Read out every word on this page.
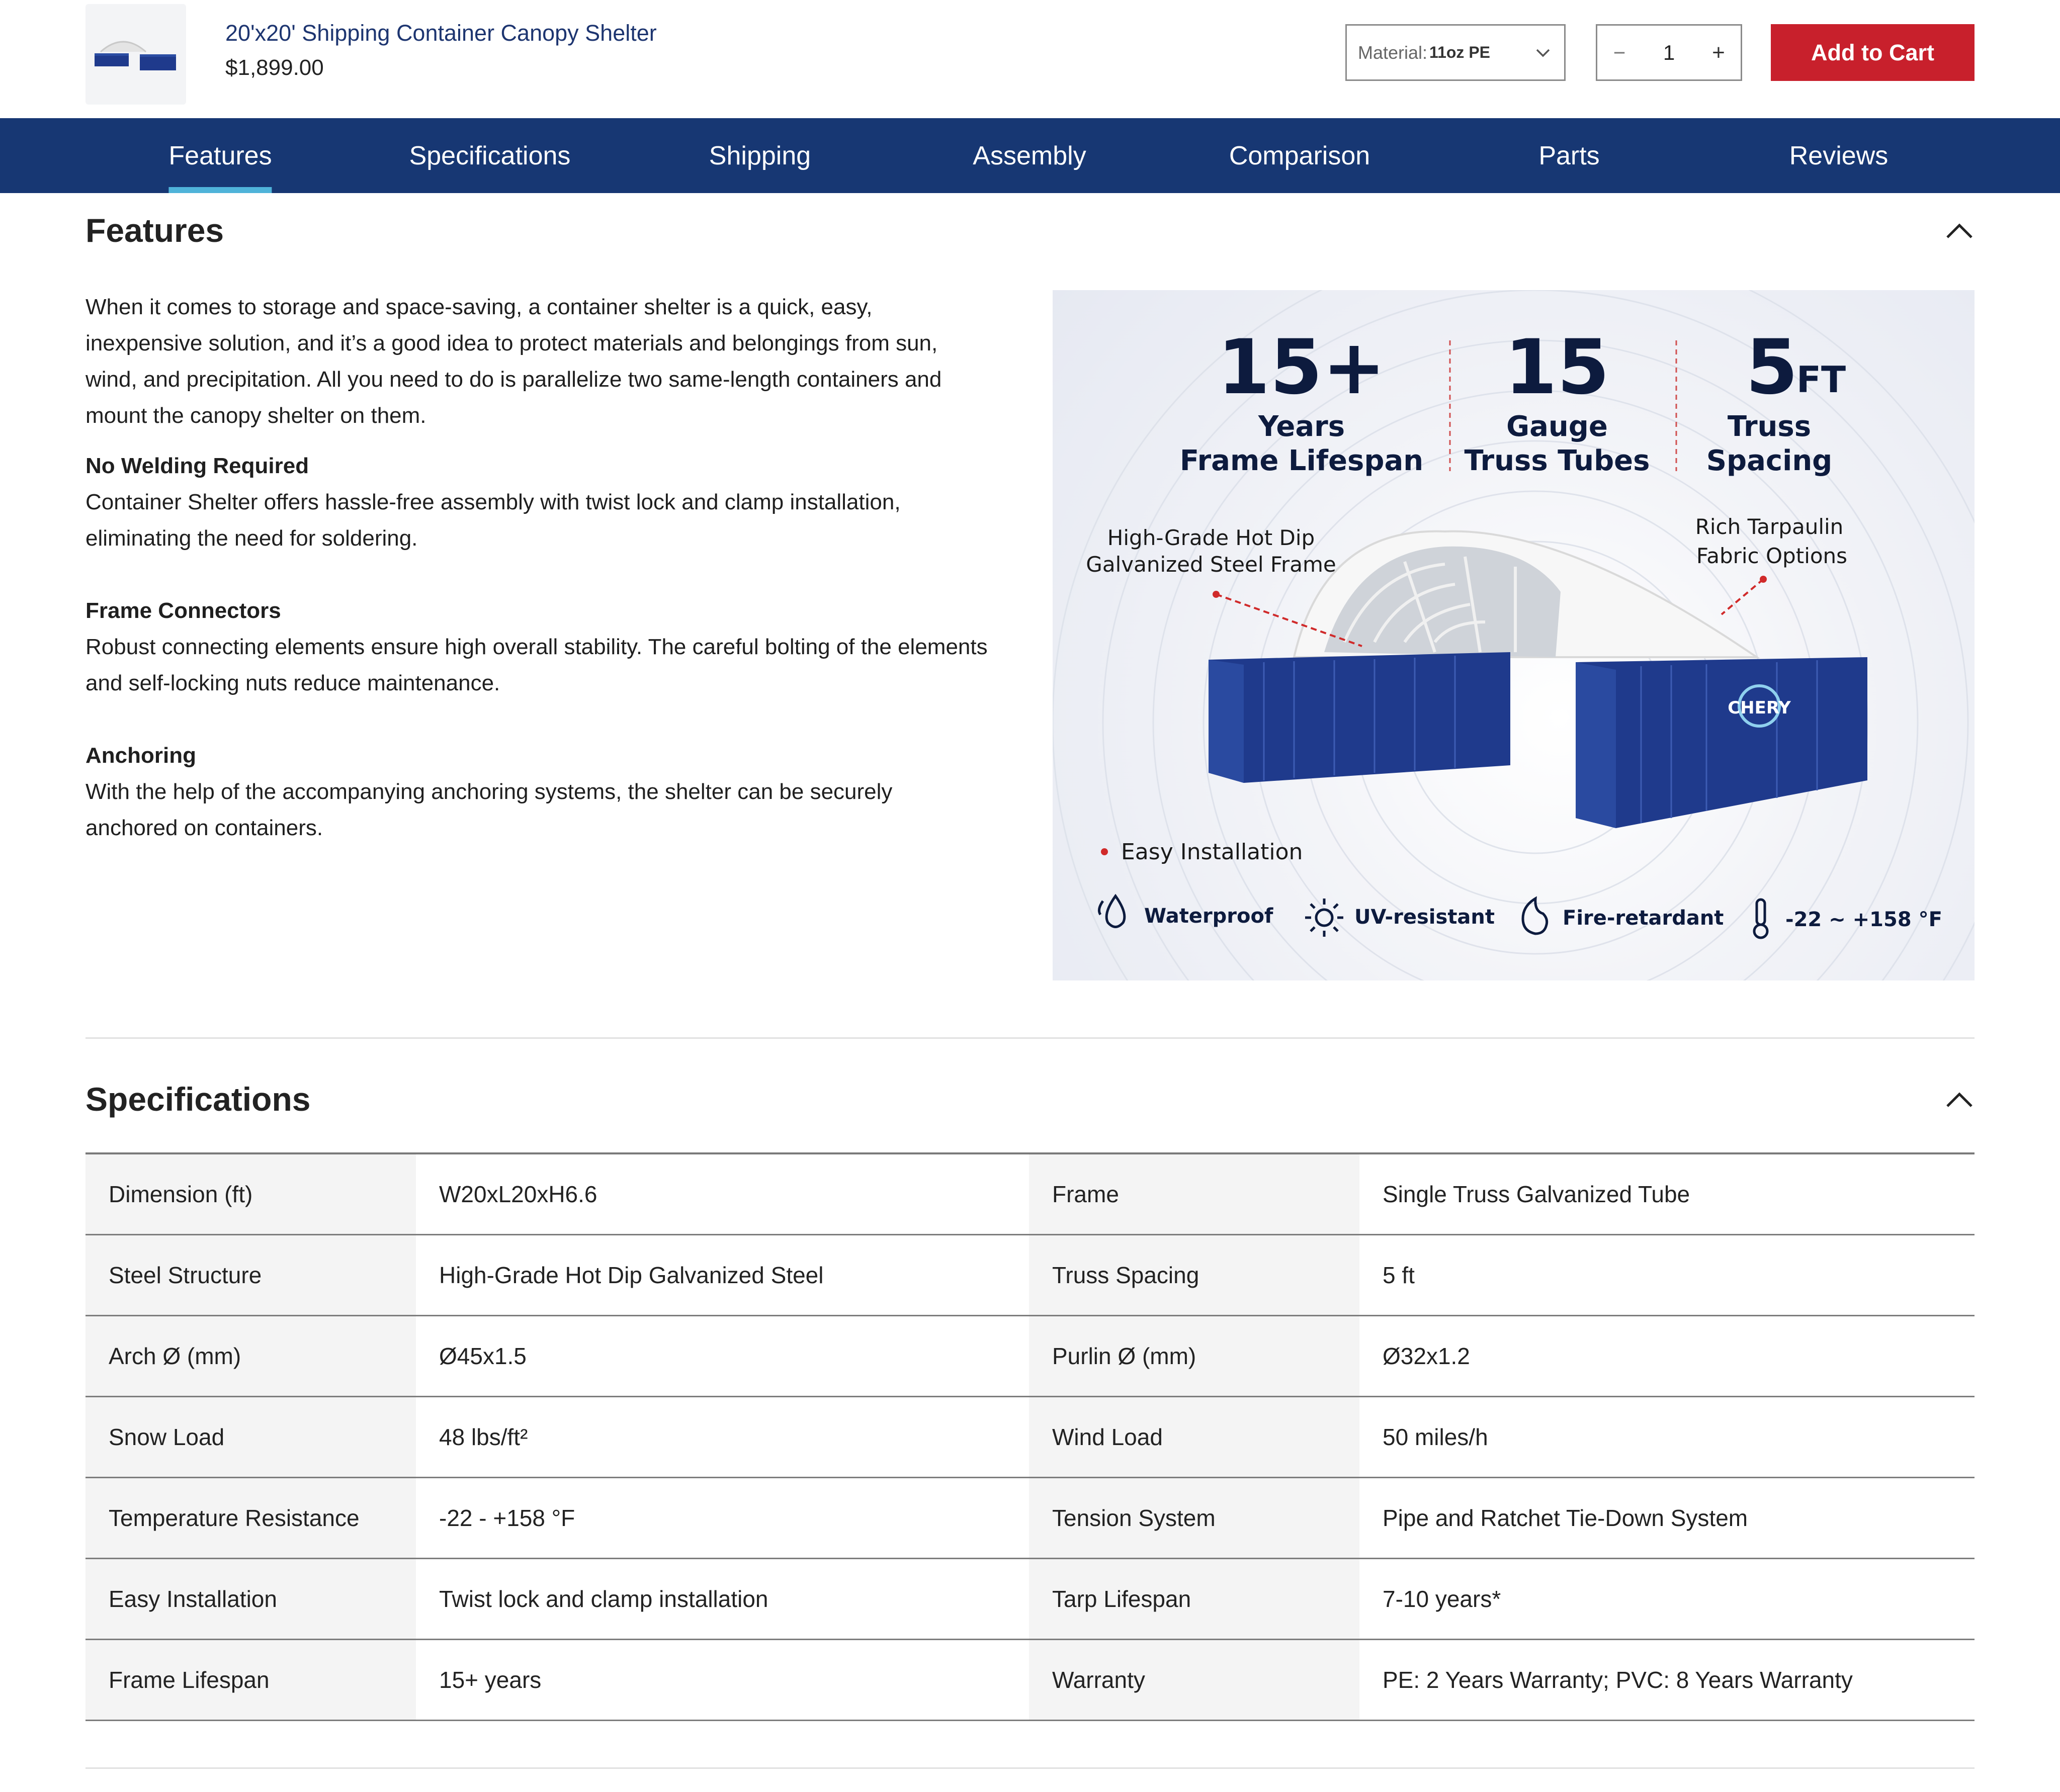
20'x20' Shipping Container Canopy Shelter
$1,899.00
Material: 11oz PE	−	1	+	Add to Cart
Features	Specifications	Shipping	Assembly	Comparison	Parts	Reviews
Features

When it comes to storage and space-saving, a container shelter is a quick, easy, inexpensive solution, and it’s a good idea to protect materials and belongings from sun, wind, and precipitation. All you need to do is parallelize two same-length containers and mount the canopy shelter on them.

No Welding Required

Container Shelter offers hassle-free assembly with twist lock and clamp installation, eliminating the need for soldering.

Frame Connectors

Robust connecting elements ensure high overall stability. The careful bolting of the elements and self-locking nuts reduce maintenance.

Anchoring

With the help of the accompanying anchoring systems, the shelter can be securely anchored on containers.

15+
Years
Frame Lifespan
15
Gauge
Truss Tubes
5
FT
Truss
Spacing
High-Grade Hot Dip
Galvanized Steel Frame
Rich Tarpaulin
Fabric Options
CHERY
Easy Installation
Waterproof	UV-resistant	Fire-retardant	-22 ~ +158 °F
Specifications
Dimension (ft)	W20xL20xH6.6	Frame	Single Truss Galvanized Tube
Steel Structure	High-Grade Hot Dip Galvanized Steel	Truss Spacing	5 ft
Arch Ø (mm)	Ø45x1.5	Purlin Ø (mm)	Ø32x1.2
Snow Load	48 lbs/ft²	Wind Load	50 miles/h
Temperature Resistance	-22 - +158 °F	Tension System	Pipe and Ratchet Tie-Down System
Easy Installation	Twist lock and clamp installation	Tarp Lifespan	7-10 years*
Frame Lifespan	15+ years	Warranty	PE: 2 Years Warranty; PVC: 8 Years Warranty
